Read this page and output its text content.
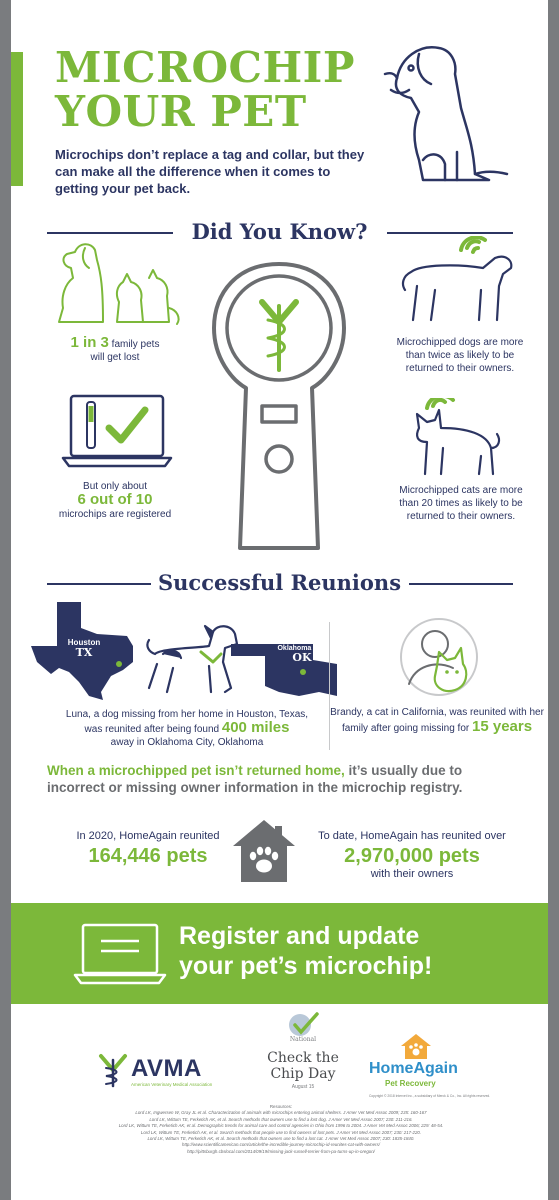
MICROCHIP
YOUR PET
Microchips don’t replace a tag and collar, but they can make all the difference when it comes to getting your pet back.
Did You Know?
1 in 3 family pets
will get lost
But only about
6 out of 10
microchips are registered
Microchipped dogs are more
than twice as likely to be
returned to their owners.
Microchipped cats are more
than 20 times as likely to be
returned to their owners.
Successful Reunions
Houston
TX	Oklahoma City
OK
Luna, a dog missing from her home in Houston, Texas,
was reunited after being found 400 miles
away in Oklahoma City, Oklahoma
Brandy, a cat in California, was reunited with her
family after going missing for 15 years
When a microchipped pet isn’t returned home, it’s usually due to incorrect or missing owner information in the microchip registry.
In 2020, HomeAgain reunited
164,446 pets
To date, HomeAgain has reunited over
2,970,000 pets
with their owners
Register and update
your pet’s microchip!
AVMA
American Veterinary Medical Association
National
Check the
Chip Day
August 15
HomeAgain
Pet Recovery
Copyright © 2018 Intervet Inc., a subsidiary of Merck & Co., Inc. All rights reserved.
Resources:
Lord LK, Ingwersen W, Gray JL et al. Characterization of animals with microchips entering animal shelters. J Amer Vet Med Assoc 2009; 235: 160-167
Lord LK, Wittum TE, Ferketich AK, et al. Search methods that owners use to find a lost dog. J Amer Vet Med Assoc 2007; 230: 211-216.
Lord LK, Wittum TE, Ferketich AK, et al. Demographic trends for animal care and control agencies in Ohio from 1996 to 2004. J Amer Vet Med Assoc 2006; 229: 48-54.
Lord LK, Wittum TE, Ferketich AK, et al. Search methods that people use to find owners of lost pets. J Amer Vet Med Assoc 2007; 230: 217-220.
Lord LK, Wittum TE, Ferketich AK, et al. Search methods that owners use to find a lost cat. J Amer Vet Med Assoc 2007; 230: 1835-1840.
http://www.scientificamerican.com/article/the-incredible-journey-microchip-id-reunites-cat-with-owners/
http://pittsburgh.cbslocal.com/2014/09/19/missing-jack-russell-terrier-from-pa-turns-up-in-oregon/
